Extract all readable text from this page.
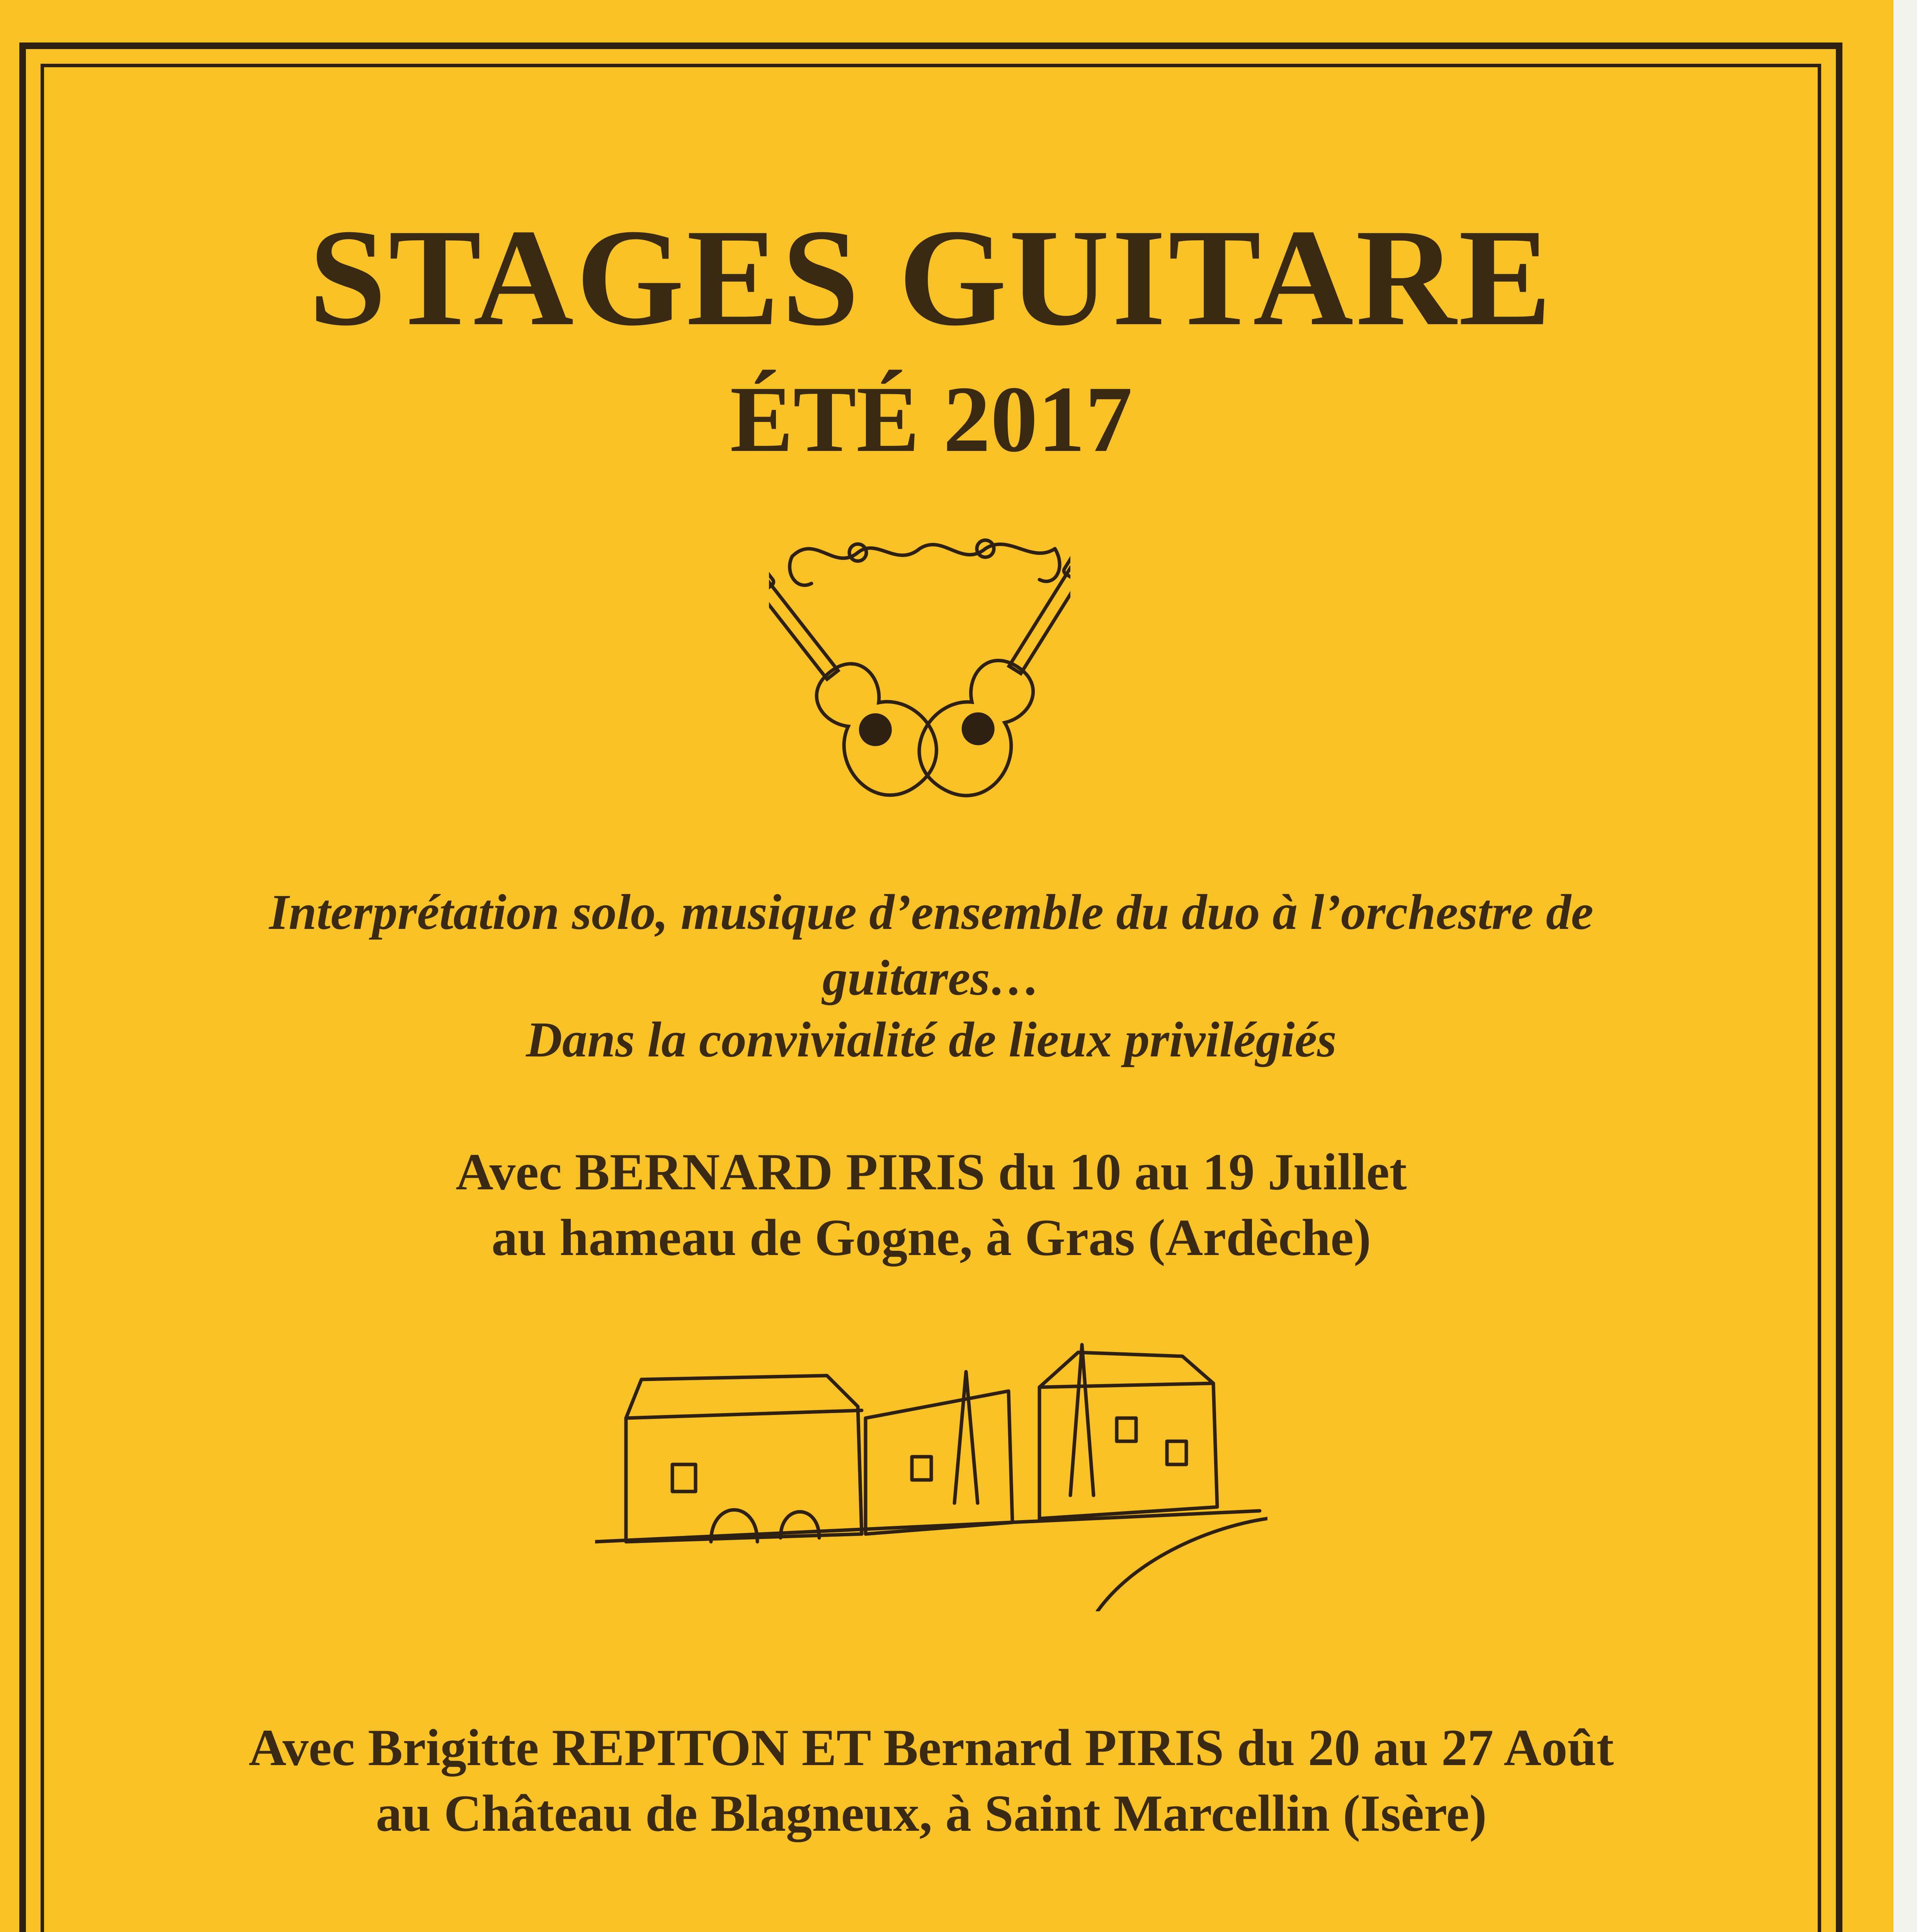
STAGES GUITARE
ÉTÉ 2017

Interprétation solo, musique d’ensemble du duo à l’orchestre de

guitares…

Dans la convivialité de lieux privilégiés

Avec BERNARD PIRIS du 10 au 19 Juillet

au hameau de Gogne, à Gras (Ardèche)

Avec Brigitte REPITON ET Bernard PIRIS du 20 au 27 Août

au Château de Blagneux, à Saint Marcellin (Isère)
